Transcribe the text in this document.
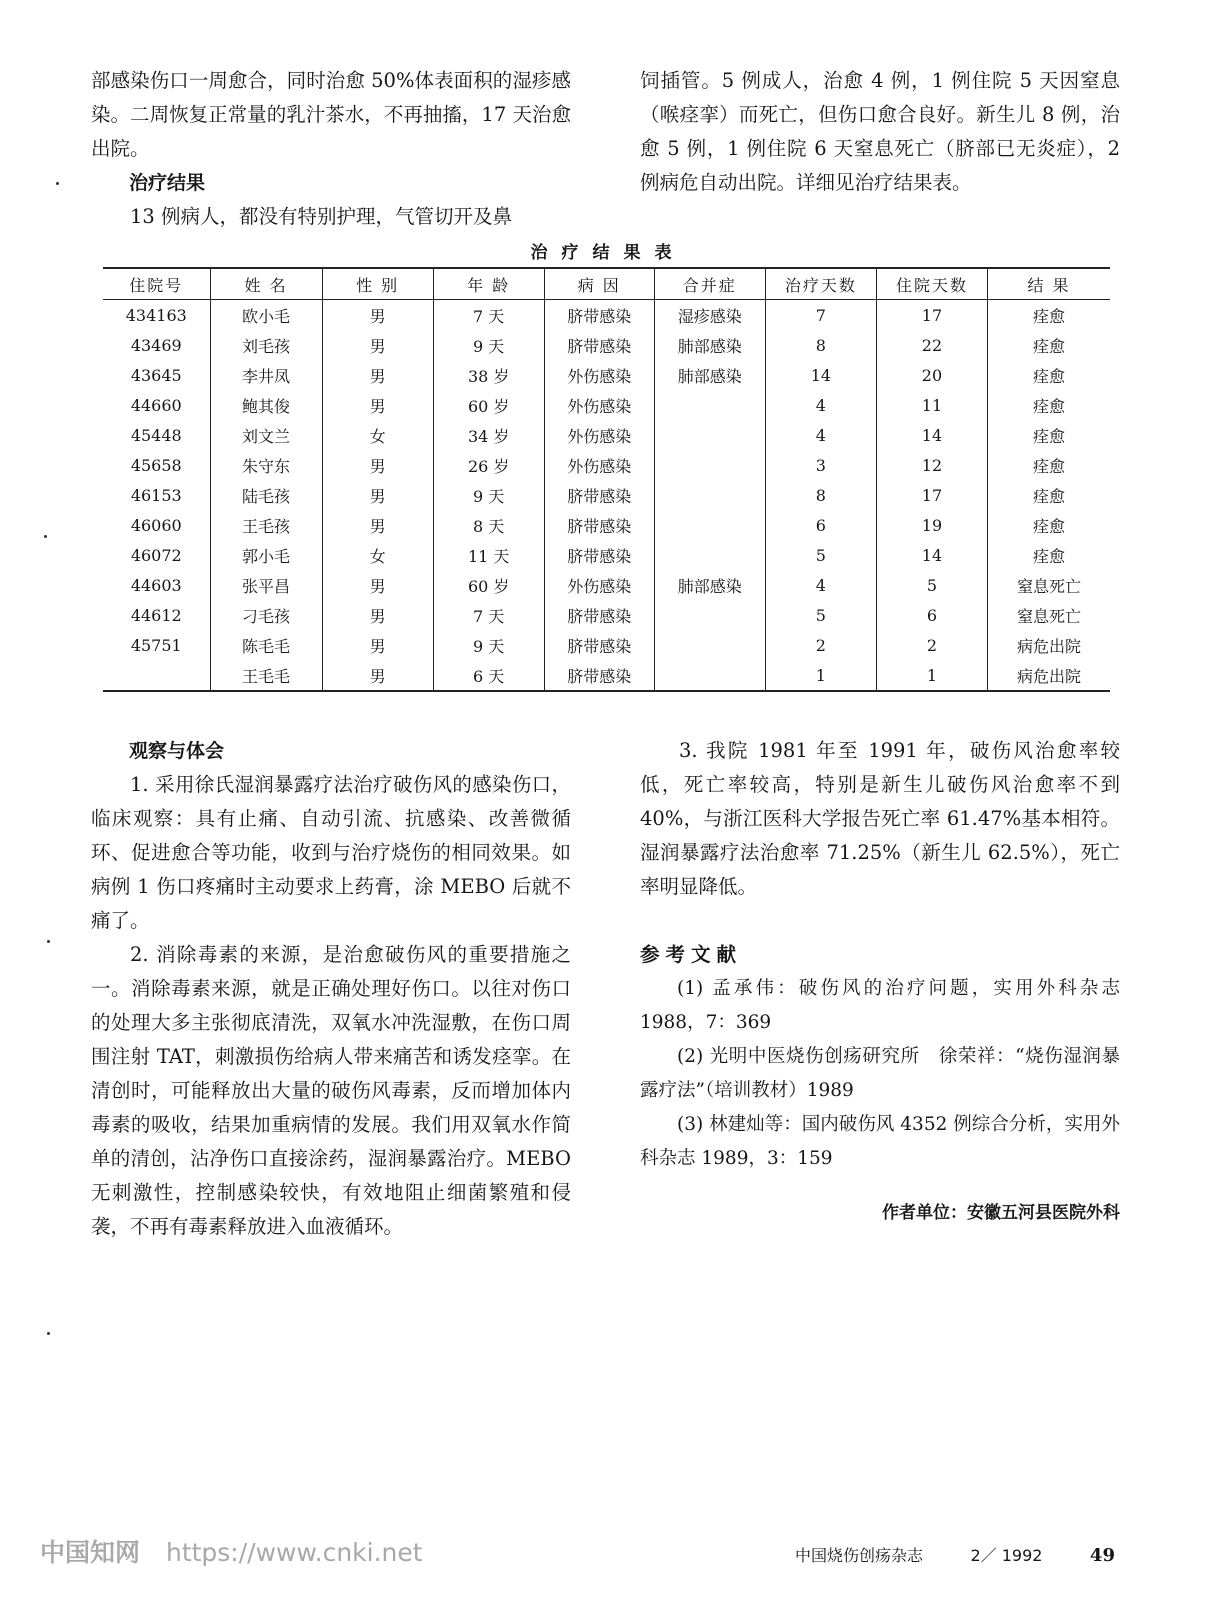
部感染伤口一周愈合，同时治愈 50%体表面积的湿疹感染。二周恢复正常量的乳汁茶水，不再抽搐，17 天治愈出院。

治疗结果

13 例病人，都没有特别护理，气管切开及鼻

饲插管。5 例成人，治愈 4 例，1 例住院 5 天因窒息（喉痉挛）而死亡，但伤口愈合良好。新生儿 8 例，治愈 5 例，1 例住院 6 天窒息死亡（脐部已无炎症），2 例病危自动出院。详细见治疗结果表。

治疗结果表
住院号	姓 名	性 别	年 龄	病 因	合并症	治疗天数	住院天数	结 果
434163	欧小毛	男	7 天	脐带感染	湿疹感染	7	17	痊愈
43469	刘毛孩	男	9 天	脐带感染	肺部感染	8	22	痊愈
43645	李井凤	男	38 岁	外伤感染	肺部感染	14	20	痊愈
44660	鲍其俊	男	60 岁	外伤感染		4	11	痊愈
45448	刘文兰	女	34 岁	外伤感染		4	14	痊愈
45658	朱守东	男	26 岁	外伤感染		3	12	痊愈
46153	陆毛孩	男	9 天	脐带感染		8	17	痊愈
46060	王毛孩	男	8 天	脐带感染		6	19	痊愈
46072	郭小毛	女	11 天	脐带感染		5	14	痊愈
44603	张平昌	男	60 岁	外伤感染	肺部感染	4	5	窒息死亡
44612	刁毛孩	男	7 天	脐带感染		5	6	窒息死亡
45751	陈毛毛	男	9 天	脐带感染		2	2	病危出院
	王毛毛	男	6 天	脐带感染		1	1	病危出院

观察与体会

1. 采用徐氏湿润暴露疗法治疗破伤风的感染伤口，临床观察：具有止痛、自动引流、抗感染、改善微循环、促进愈合等功能，收到与治疗烧伤的相同效果。如病例 1 伤口疼痛时主动要求上药膏，涂 MEBO 后就不痛了。

2. 消除毒素的来源，是治愈破伤风的重要措施之一。消除毒素来源，就是正确处理好伤口。以往对伤口的处理大多主张彻底清洗，双氧水冲洗湿敷，在伤口周围注射 TAT，刺激损伤给病人带来痛苦和诱发痉挛。在清创时，可能释放出大量的破伤风毒素，反而增加体内毒素的吸收，结果加重病情的发展。我们用双氧水作简单的清创，沾净伤口直接涂药，湿润暴露治疗。MEBO 无刺激性，控制感染较快，有效地阻止细菌繁殖和侵袭，不再有毒素释放进入血液循环。

3. 我院 1981 年至 1991 年，破伤风治愈率较低，死亡率较高，特别是新生儿破伤风治愈率不到 40%，与浙江医科大学报告死亡率 61.47%基本相符。湿润暴露疗法治愈率 71.25%（新生儿 62.5%），死亡率明显降低。

参考文献

(1) 孟承伟：破伤风的治疗问题，实用外科杂志 1988，7：369

(2) 光明中医烧伤创疡研究所　徐荣祥：“烧伤湿润暴露疗法”（培训教材）1989

(3) 林建灿等：国内破伤风 4352 例综合分析，实用外科杂志 1989，3：159

作者单位：安徽五河县医院外科

中国知网 https://www.cnki.net	中国烧伤创疡杂志	2／ 1992	49
